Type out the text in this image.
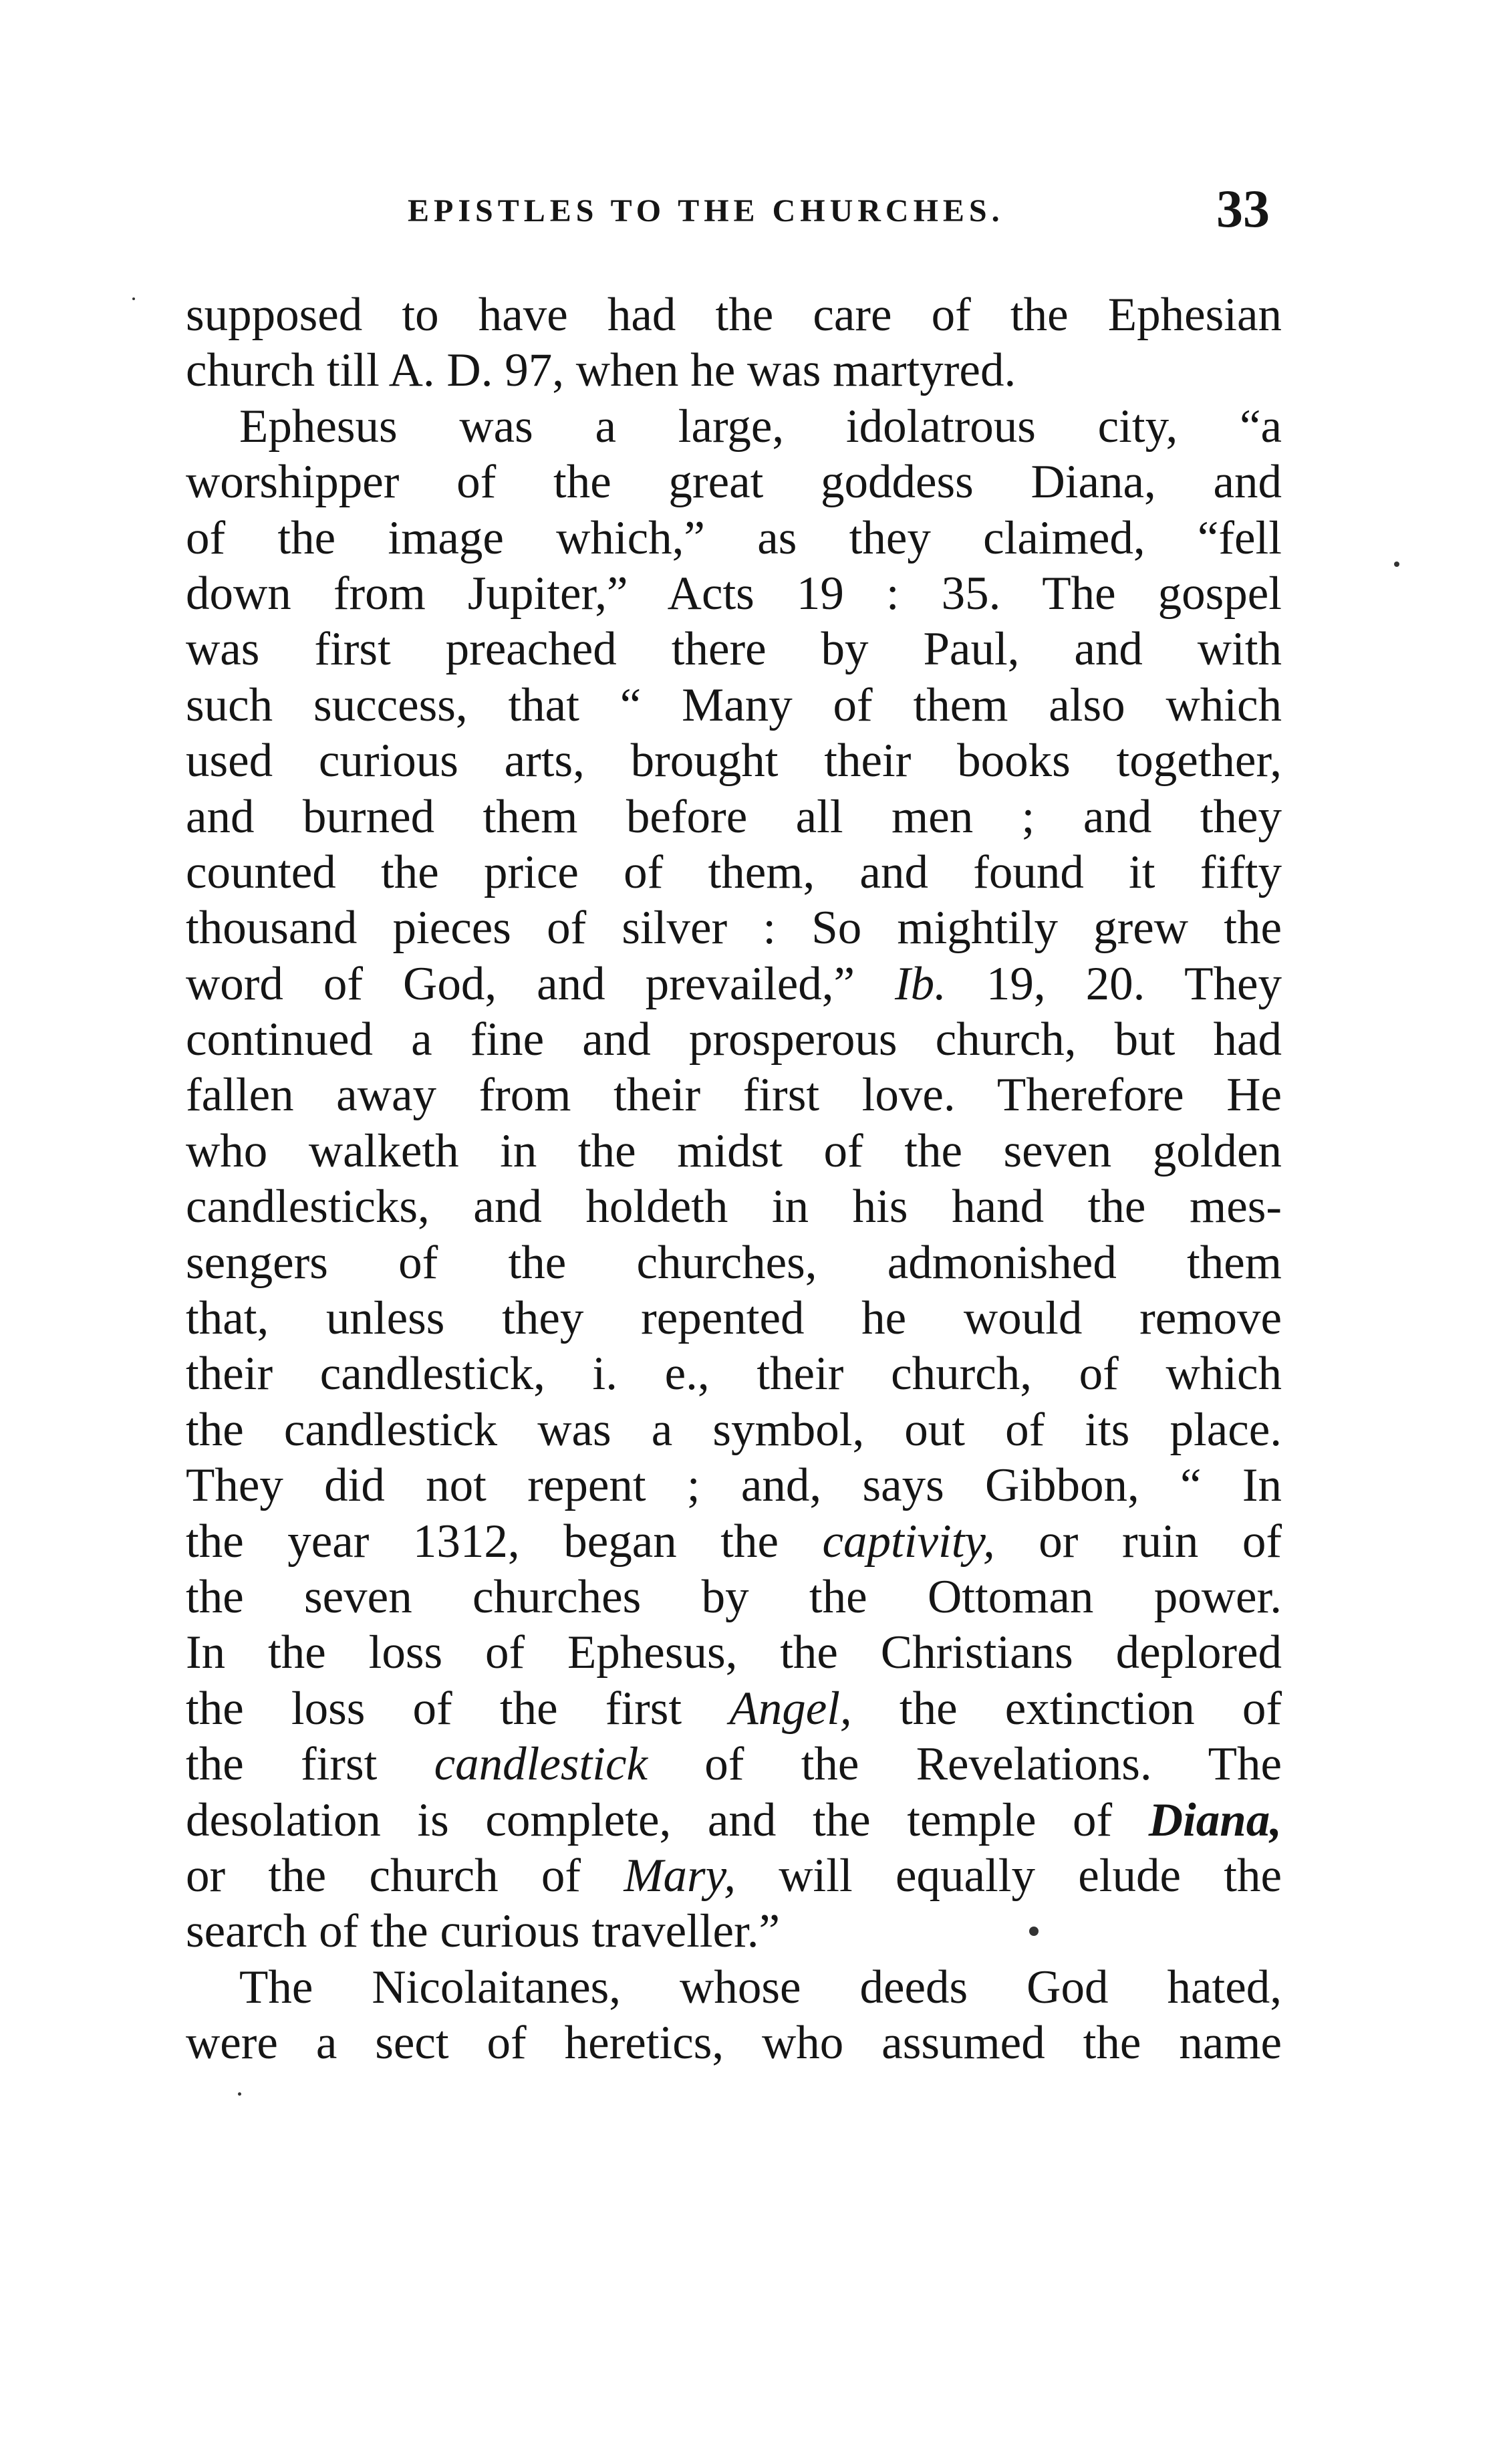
EPISTLES TO THE CHURCHES.	33
supposed to have had the care of the Ephesian
church till A. D. 97, when he was martyred.
Ephesus was a large, idolatrous city, “a
worshipper of the great goddess Diana, and
of the image which,” as they claimed, “fell
down from Jupiter,” Acts 19 : 35. The gospel
was first preached there by Paul, and with
such success, that “ Many of them also which
used curious arts, brought their books together,
and burned them before all men ; and they
counted the price of them, and found it fifty
thousand pieces of silver : So mightily grew the
word of God, and prevailed,” Ib. 19, 20. They
continued a fine and prosperous church, but had
fallen away from their first love. Therefore He
who walketh in the midst of the seven golden
candlesticks, and holdeth in his hand the mes-
sengers of the churches, admonished them
that, unless they repented he would remove
their candlestick, i. e., their church, of which
the candlestick was a symbol, out of its place.
They did not repent ; and, says Gibbon, “ In
the year 1312, began the captivity, or ruin of
the seven churches by the Ottoman power.
In the loss of Ephesus, the Christians deplored
the loss of the first Angel, the extinction of
the first candlestick of the Revelations. The
desolation is complete, and the temple of Diana,
or the church of Mary, will equally elude the
search of the curious traveller.”
The Nicolaitanes, whose deeds God hated,
were a sect of heretics, who assumed the name
